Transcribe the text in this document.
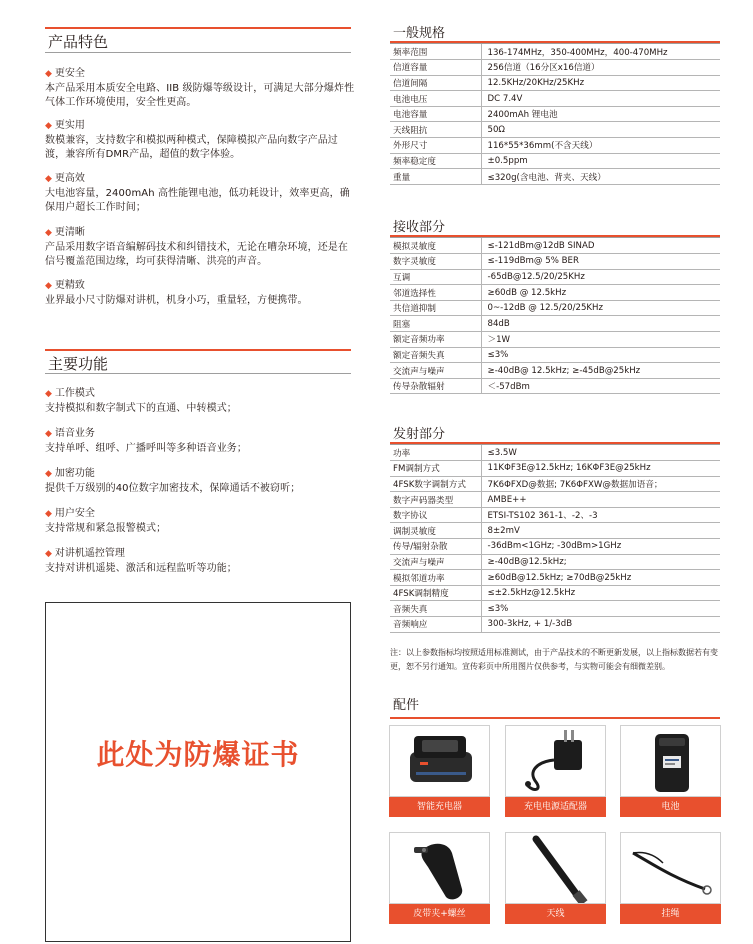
产品特色
◆ 更安全
本产品采用本质安全电路、IIB 级防爆等级设计，可满足大部分爆炸性气体工作环境使用，安全性更高。
◆ 更实用
数模兼容，支持数字和模拟两种模式，保障模拟产品向数字产品过渡，兼容所有DMR产品，超值的数字体验。
◆ 更高效
大电池容量，2400mAh 高性能锂电池，低功耗设计，效率更高，确保用户超长工作时间；
◆ 更清晰
产品采用数字语音编解码技术和纠错技术，无论在嘈杂环境，还是在信号覆盖范围边缘，均可获得清晰、洪亮的声音。
◆ 更精致
业界最小尺寸防爆对讲机，机身小巧，重量轻，方便携带。
主要功能
◆ 工作模式
支持模拟和数字制式下的直通、中转模式；
◆ 语音业务
支持单呼、组呼、广播呼叫等多种语音业务；
◆ 加密功能
提供千万级别的40位数字加密技术，保障通话不被窃听；
◆ 用户安全
支持常规和紧急报警模式；
◆ 对讲机遥控管理
支持对讲机遥毙、激活和远程监听等功能；
此处为防爆证书
一般规格
频率范围	136-174MHz，350-400MHz，400-470MHz
信道容量	256信道（16分区x16信道）
信道间隔	12.5KHz/20KHz/25KHz
电池电压	DC 7.4V
电池容量	2400mAh 锂电池
天线阻抗	50Ω
外形尺寸	116*55*36mm(不含天线）
频率稳定度	±0.5ppm
重量	≤320g(含电池、背夹、天线）
接收部分
模拟灵敏度	≤-121dBm@12dB SINAD
数字灵敏度	≤-119dBm@ 5% BER
互调	-65dB@12.5/20/25KHz
邻道选择性	≥60dB @ 12.5kHz
共信道抑制	0~-12dB @ 12.5/20/25KHz
阻塞	84dB
额定音频功率	＞1W
额定音频失真	≤3%
交流声与噪声	≥-40dB@ 12.5kHz; ≥-45dB@25kHz
传导杂散辐射	＜-57dBm
发射部分
功率	≤3.5W
FM调制方式	11KΦF3E@12.5kHz; 16KΦF3E@25kHz
4FSK数字调制方式	7K6ΦFXD@数据; 7K6ΦFXW@数据加语音；
数字声码器类型	AMBE++
数字协议	ETSI-TS102 361-1、-2、-3
调制灵敏度	8±2mV
传导/辐射杂散	-36dBm<1GHz; -30dBm>1GHz
交流声与噪声	≥-40dB@12.5kHz;
模拟邻道功率	≥60dB@12.5kHz; ≥70dB@25kHz
4FSK调制精度	≤±2.5kHz@12.5kHz
音频失真	≤3%
音频响应	300-3kHz, + 1/-3dB
注：以上参数指标均按照适用标准测试，由于产品技术的不断更新发展，以上指标数据若有变更，恕不另行通知。宣传彩页中所用图片仅供参考，与实物可能会有细微差别。
配件
智能充电器	充电电源适配器	电池
皮带夹+螺丝	天线	挂绳
